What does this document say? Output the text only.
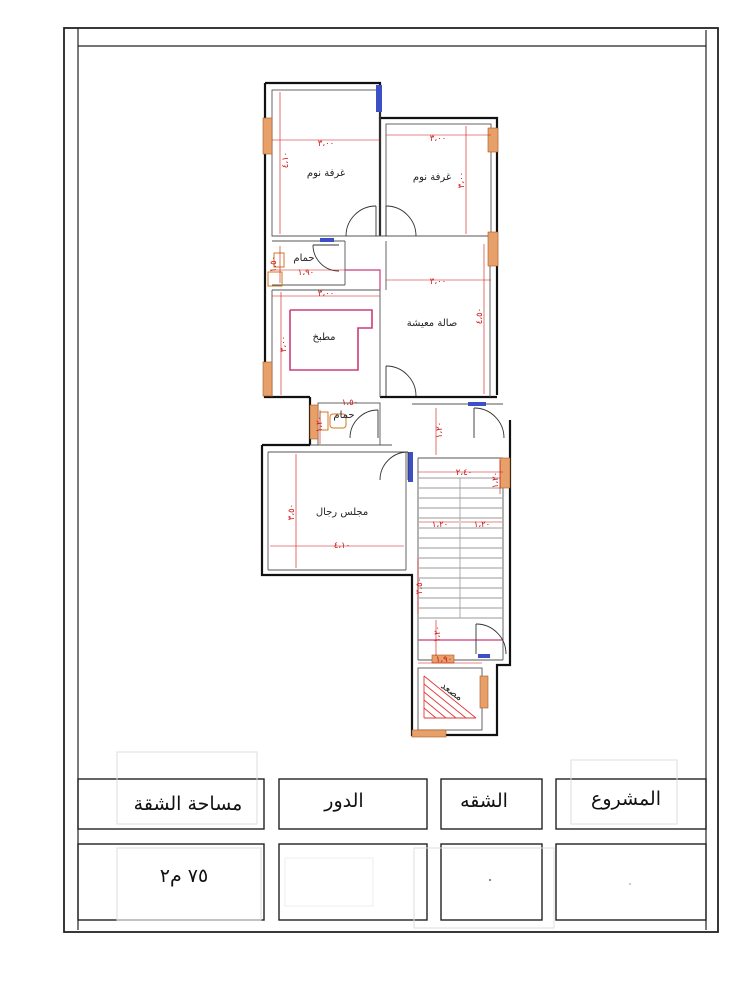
غرفة نوم	غرفة نوم
حمام
مطبخ
صالة معيشة
حمام
مجلس رجال
مصعد
٣،٠٠
٤،١٠
٣،٠٠
٣،٠٠
١،٩٠
١،٥٠
٣،٠٠
٣،٠٠
٣،٠٠
٤،٥٠
١،٥٠
١،٢٠	١،٢٠
٢،٤٠ ١،٢٠
١،٢٠	١،٢٠
٣،٥٠
٤،١٠
٣،٥٠
١،٢٠
١،٩٠
مساحة الشقة	الدور	الشقه	المشروع
٧٥ م٢
